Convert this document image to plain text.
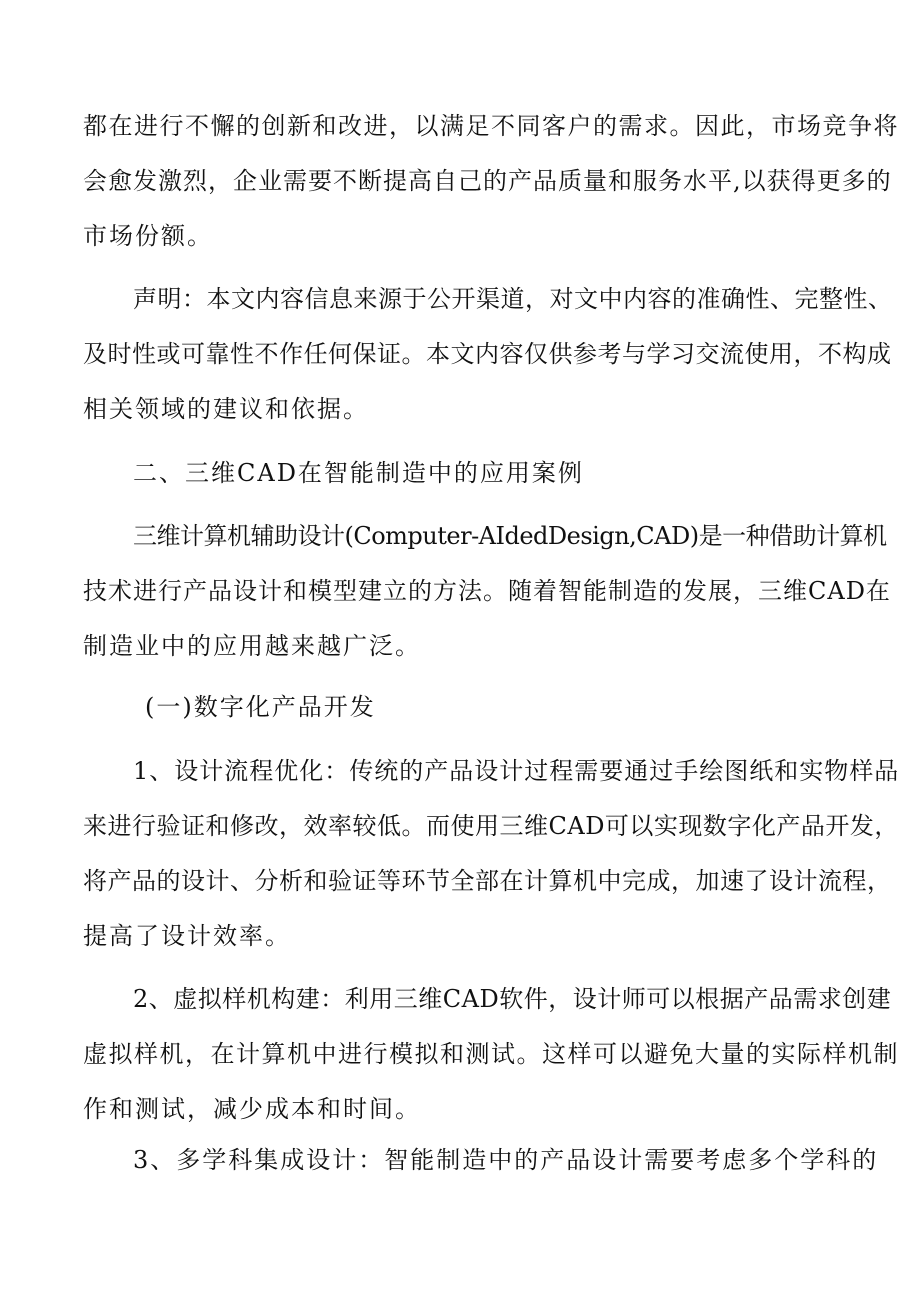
都在进行不懈的创新和改进，以满足不同客户的需求。因此，市场竞争将
会愈发激烈，企业需要不断提高自己的产品质量和服务水平,以获得更多的
市场份额。
声明：本文内容信息来源于公开渠道，对文中内容的准确性、完整性、
及时性或可靠性不作任何保证。本文内容仅供参考与学习交流使用，不构成
相关领域的建议和依据。
二、三维CAD在智能制造中的应用案例
三维计算机辅助设计(Computer-AIdedDesign,CAD)是一种借助计算机
技术进行产品设计和模型建立的方法。随着智能制造的发展，三维CAD在
制造业中的应用越来越广泛。
(一)数字化产品开发
1、设计流程优化：传统的产品设计过程需要通过手绘图纸和实物样品
来进行验证和修改，效率较低。而使用三维CAD可以实现数字化产品开发，
将产品的设计、分析和验证等环节全部在计算机中完成，加速了设计流程，
提高了设计效率。
2、虚拟样机构建：利用三维CAD软件，设计师可以根据产品需求创建
虚拟样机，在计算机中进行模拟和测试。这样可以避免大量的实际样机制
作和测试，减少成本和时间。
3、多学科集成设计：智能制造中的产品设计需要考虑多个学科的
